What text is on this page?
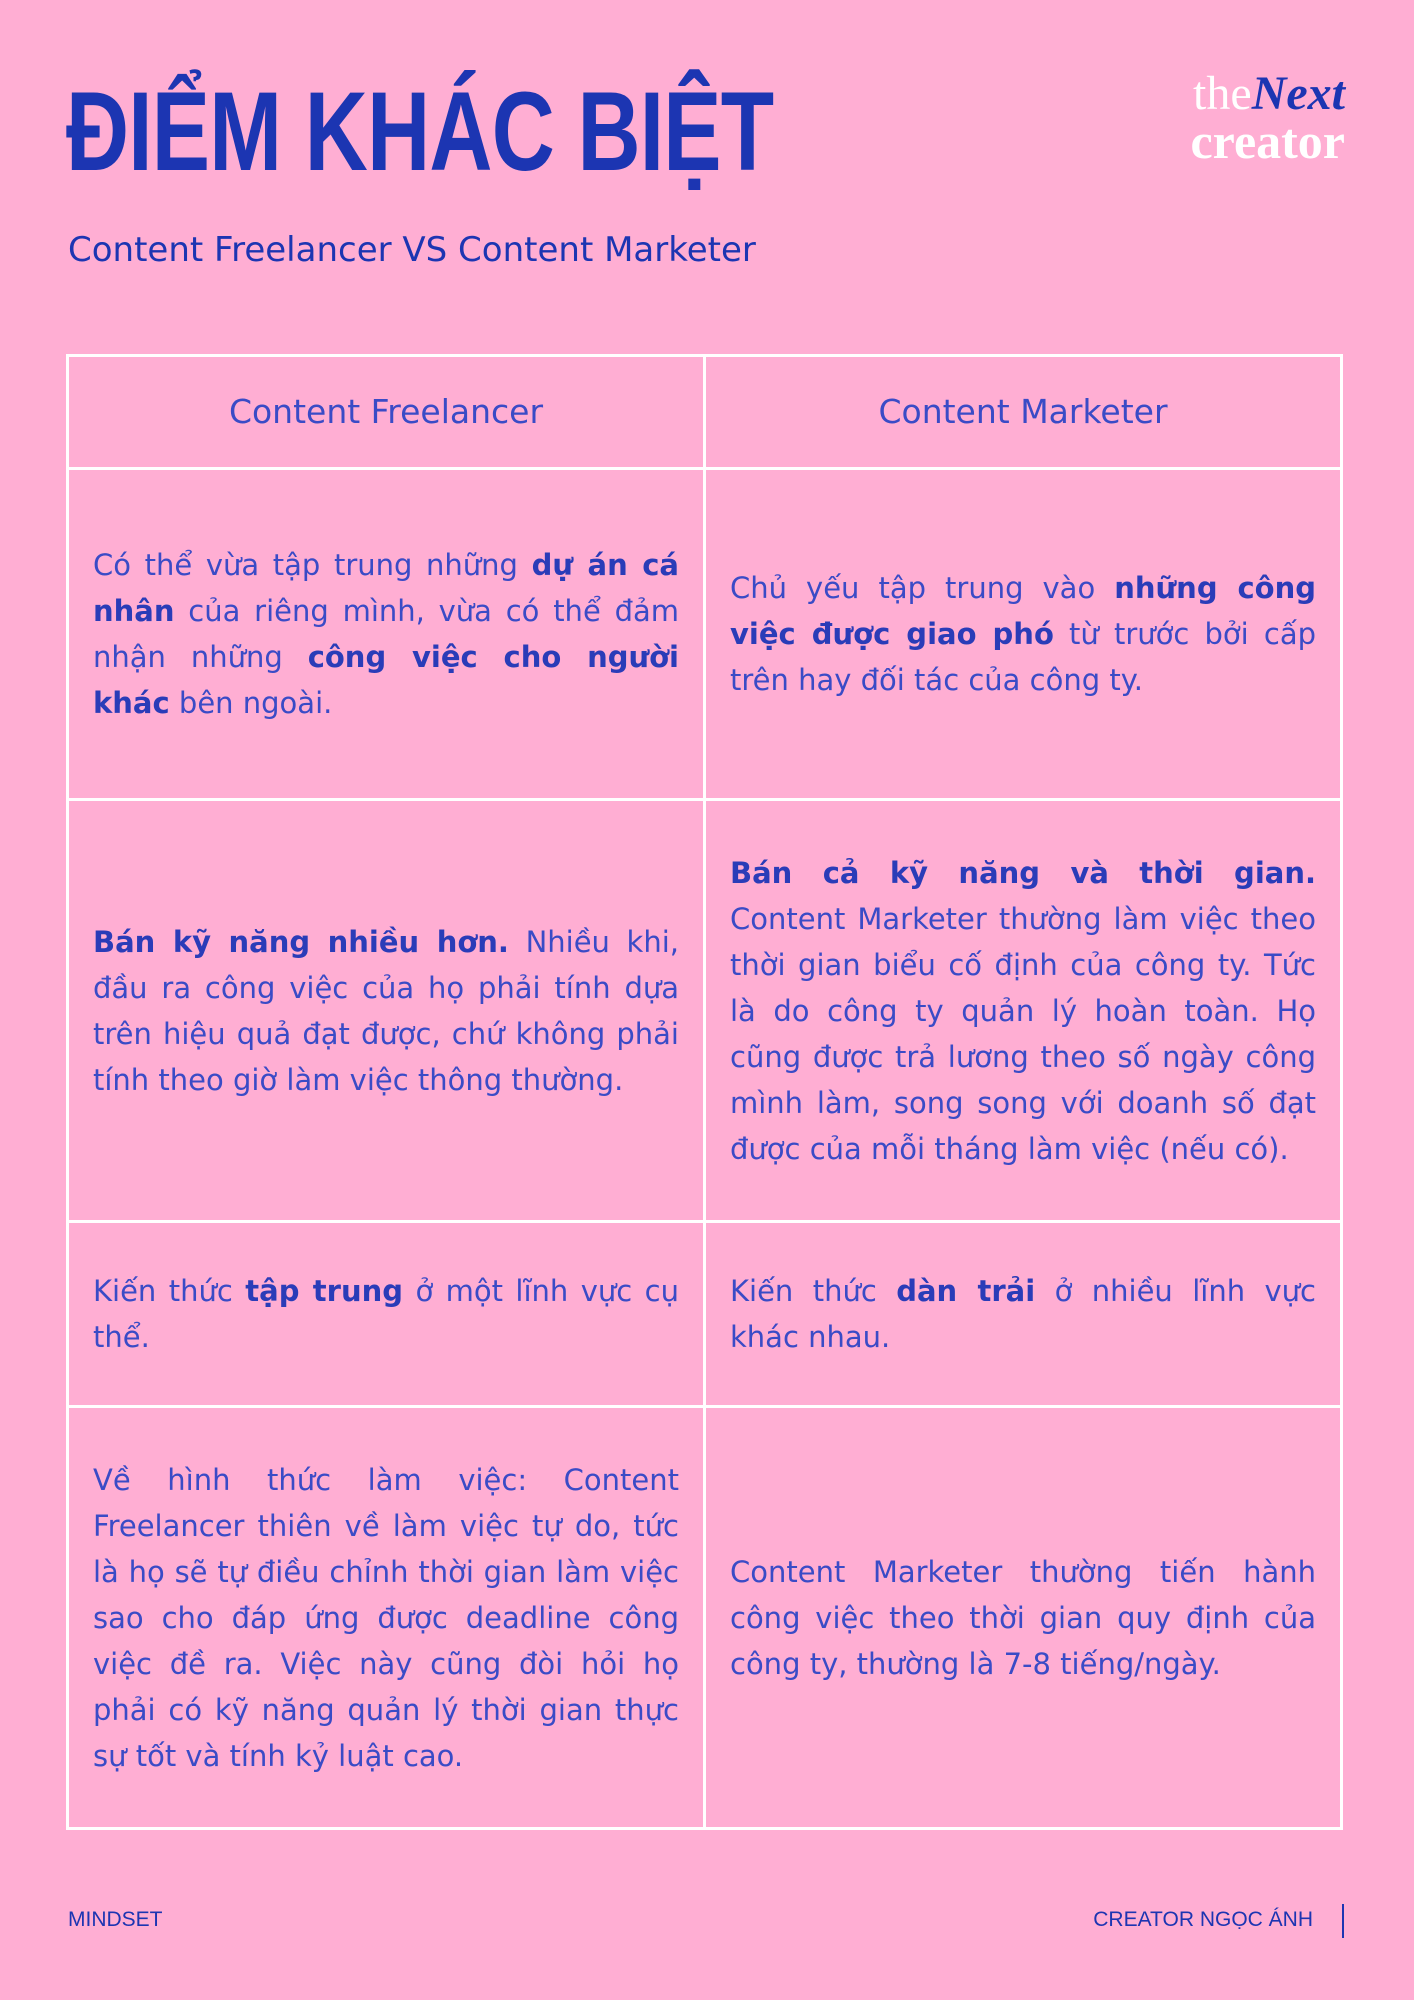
ĐIỂM KHÁC BIỆT
Content Freelancer VS Content Marketer
theNext
creator
Content Freelancer	Content Marketer
Có thể vừa tập trung những dự án cá nhân của riêng mình, vừa có thể đảm nhận những công việc cho người khác bên ngoài.	Chủ yếu tập trung vào những công việc được giao phó từ trước bởi cấp trên hay đối tác của công ty.
Bán kỹ năng nhiều hơn. Nhiều khi, đầu ra công việc của họ phải tính dựa trên hiệu quả đạt được, chứ không phải tính theo giờ làm việc thông thường.	Bán cả kỹ năng và thời gian. Content Marketer thường làm việc theo thời gian biểu cố định của công ty. Tức là do công ty quản lý hoàn toàn. Họ cũng được trả lương theo số ngày công mình làm, song song với doanh số đạt được của mỗi tháng làm việc (nếu có).
Kiến thức tập trung ở một lĩnh vực cụ thể.	Kiến thức dàn trải ở nhiều lĩnh vực khác nhau.
Về hình thức làm việc: Content Freelancer thiên về làm việc tự do, tức là họ sẽ tự điều chỉnh thời gian làm việc sao cho đáp ứng được deadline công việc đề ra. Việc này cũng đòi hỏi họ phải có kỹ năng quản lý thời gian thực sự tốt và tính kỷ luật cao.	Content Marketer thường tiến hành công việc theo thời gian quy định của công ty, thường là 7-8 tiếng/ngày.
MINDSET	CREATOR NGỌC ÁNH
